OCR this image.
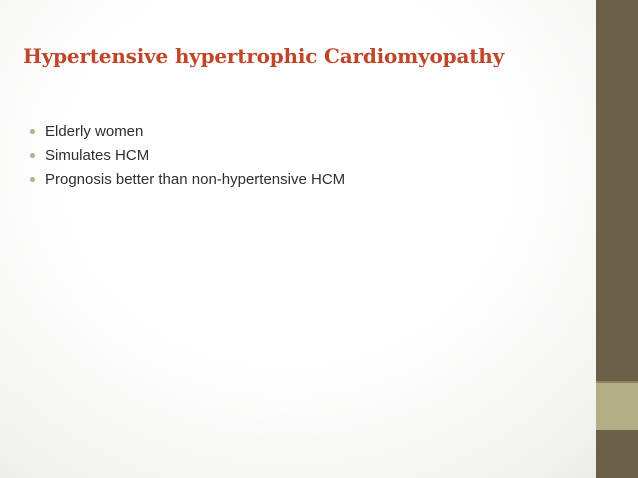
Hypertensive hypertrophic Cardiomyopathy
Elderly women
Simulates HCM
Prognosis better than non-hypertensive HCM
